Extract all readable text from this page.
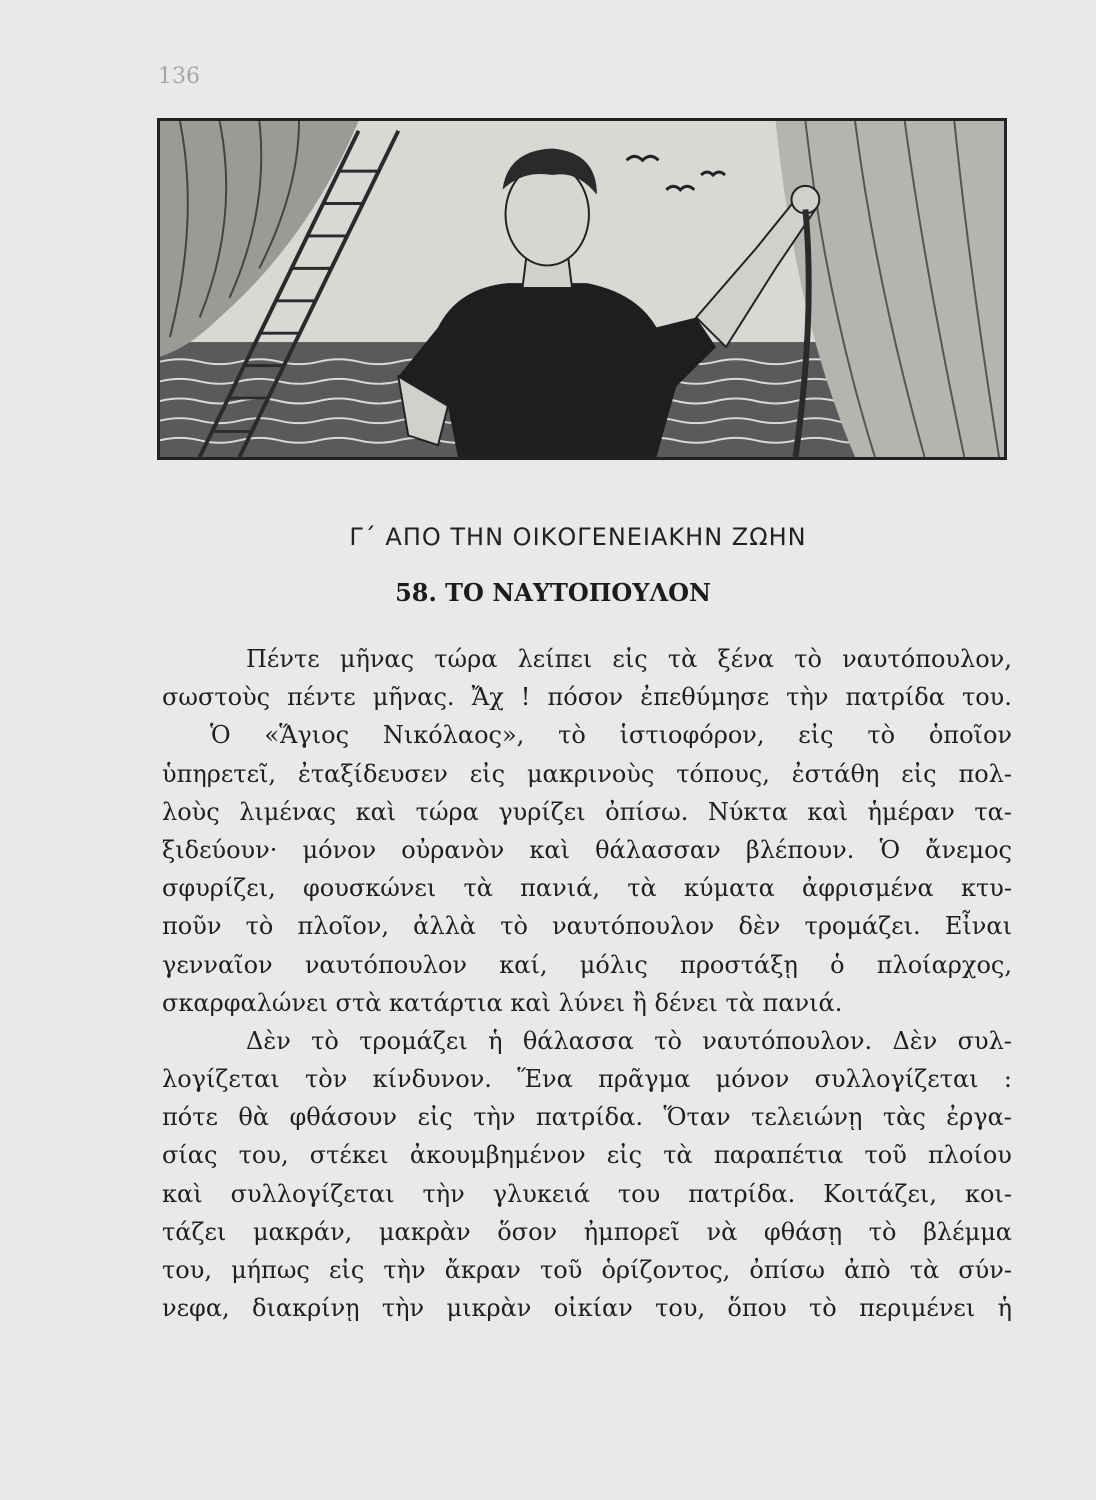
136
Γ΄ ΑΠΟ ΤΗΝ ΟΙΚΟΓΕΝΕΙΑΚΗΝ ΖΩΗΝ
58. ΤΟ ΝΑΥΤΟΠΟΥΛΟΝ
Πέντε μῆνας τώρα λείπει εἰς τὰ ξένα τὸ ναυτόπουλον,
σωστοὺς πέντε μῆνας. Ἄχ ! πόσον ἐπεθύμησε τὴν πατρίδα του.
Ὁ «Ἅγιος Νικόλαος», τὸ ἱστιοφόρον, εἰς τὸ ὁποῖον
ὑπηρετεῖ, ἐταξίδευσεν εἰς μακρινοὺς τόπους, ἐστάθη εἰς πολ-
λοὺς λιμένας καὶ τώρα γυρίζει ὀπίσω. Νύκτα καὶ ἡμέραν τα-
ξιδεύουν· μόνον οὐρανὸν καὶ θάλασσαν βλέπουν. Ὁ ἄνεμος
σφυρίζει, φουσκώνει τὰ πανιά, τὰ κύματα ἀφρισμένα κτυ-
ποῦν τὸ πλοῖον, ἀλλὰ τὸ ναυτόπουλον δὲν τρομάζει. Εἶναι
γενναῖον ναυτόπουλον καί, μόλις προστάξῃ ὁ πλοίαρχος,
σκαρφαλώνει στὰ κατάρτια καὶ λύνει ἢ δένει τὰ πανιά.
Δὲν τὸ τρομάζει ἡ θάλασσα τὸ ναυτόπουλον. Δὲν συλ-
λογίζεται τὸν κίνδυνον. Ἕνα πρᾶγμα μόνον συλλογίζεται :
πότε θὰ φθάσουν εἰς τὴν πατρίδα. Ὅταν τελειώνῃ τὰς ἐργα-
σίας του, στέκει ἀκουμβημένον εἰς τὰ παραπέτια τοῦ πλοίου
καὶ συλλογίζεται τὴν γλυκειά του πατρίδα. Κοιτάζει, κοι-
τάζει μακράν, μακρὰν ὅσον ἠμπορεῖ νὰ φθάσῃ τὸ βλέμμα
του, μήπως εἰς τὴν ἄκραν τοῦ ὁρίζοντος, ὀπίσω ἀπὸ τὰ σύν-
νεφα, διακρίνῃ τὴν μικρὰν οἰκίαν του, ὅπου τὸ περιμένει ἡ
